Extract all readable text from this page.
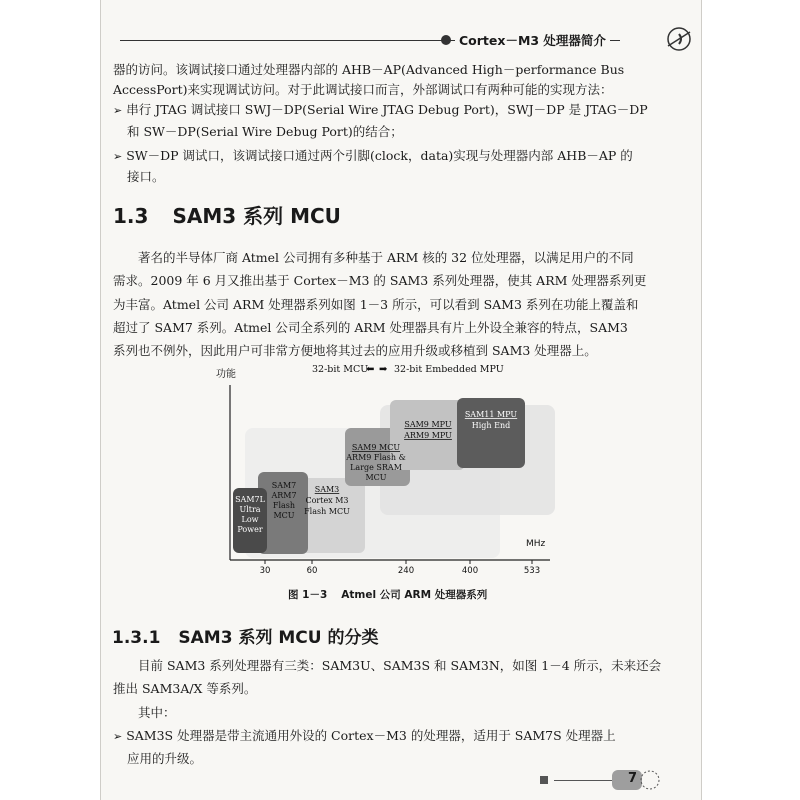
Cortex－M3 处理器简介
器的访问。该调试接口通过处理器内部的 AHB－AP(Advanced High－performance Bus
AccessPort)来实现调试访问。对于此调试接口而言，外部调试口有两种可能的实现方法：
➢ 串行 JTAG 调试接口 SWJ－DP(Serial Wire JTAG Debug Port)，SWJ－DP 是 JTAG－DP
和 SW－DP(Serial Wire Debug Port)的结合；
➢ SW－DP 调试口，该调试接口通过两个引脚(clock，data)实现与处理器内部 AHB－AP 的
接口。
1.3 SAM3 系列 MCU
著名的半导体厂商 Atmel 公司拥有多种基于 ARM 核的 32 位处理器，以满足用户的不同
需求。2009 年 6 月又推出基于 Cortex－M3 的 SAM3 系列处理器，使其 ARM 处理器系列更
为丰富。Atmel 公司 ARM 处理器系列如图 1－3 所示，可以看到 SAM3 系列在功能上覆盖和
超过了 SAM7 系列。Atmel 公司全系列的 ARM 处理器具有片上外设全兼容的特点，SAM3
系列也不例外，因此用户可非常方便地将其过去的应用升级或移植到 SAM3 处理器上。
功能
MHz
32-bit MCU
⬅ ➡ 32-bit Embedded MPU
SAM7L
Ultra
Low
Power
SAM7
ARM7
Flash
MCU
SAM3
Cortex M3
Flash MCU
SAM9 MCU
ARM9 Flash &
Large SRAM
MCU
SAM9 MPU
ARM9 MPU
SAM11 MPU
High End
30	60	240	400	533
图 1－3 Atmel 公司 ARM 处理器系列
1.3.1 SAM3 系列 MCU 的分类
目前 SAM3 系列处理器有三类：SAM3U、SAM3S 和 SAM3N，如图 1－4 所示，未来还会
推出 SAM3A/X 等系列。
其中：
➢ SAM3S 处理器是带主流通用外设的 Cortex－M3 的处理器，适用于 SAM7S 处理器上
应用的升级。
7
